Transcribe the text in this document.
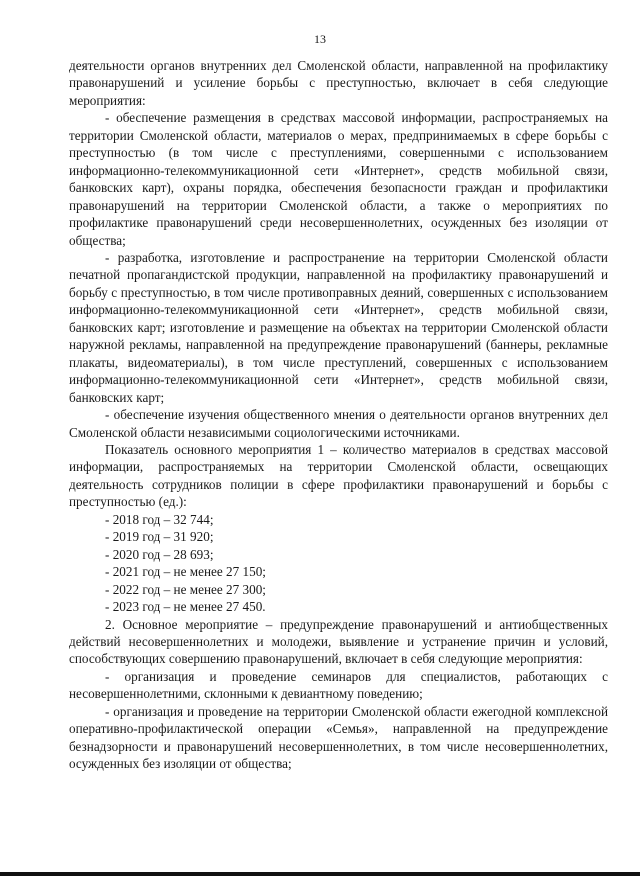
13

деятельности органов внутренних дел Смоленской области, направленной на профилактику правонарушений и усиление борьбы с преступностью, включает в себя следующие мероприятия:

- обеспечение размещения в средствах массовой информации, распространяемых на территории Смоленской области, материалов о мерах, предпринимаемых в сфере борьбы с преступностью (в том числе с преступлениями, совершенными с использованием информационно-телекоммуникационной сети «Интернет», средств мобильной связи, банковских карт), охраны порядка, обеспечения безопасности граждан и профилактики правонарушений на территории Смоленской области, а также о мероприятиях по профилактике правонарушений среди несовершеннолетних, осужденных без изоляции от общества;

- разработка, изготовление и распространение на территории Смоленской области печатной пропагандистской продукции, направленной на профилактику правонарушений и борьбу с преступностью, в том числе противоправных деяний, совершенных с использованием информационно-телекоммуникационной сети «Интернет», средств мобильной связи, банковских карт; изготовление и размещение на объектах на территории Смоленской области наружной рекламы, направленной на предупреждение правонарушений (баннеры, рекламные плакаты, видеоматериалы), в том числе преступлений, совершенных с использованием информационно-телекоммуникационной сети «Интернет», средств мобильной связи, банковских карт;

- обеспечение изучения общественного мнения о деятельности органов внутренних дел Смоленской области независимыми социологическими источниками.

Показатель основного мероприятия 1 – количество материалов в средствах массовой информации, распространяемых на территории Смоленской области, освещающих деятельность сотрудников полиции в сфере профилактики правонарушений и борьбы с преступностью (ед.):

- 2018 год – 32 744;

- 2019 год – 31 920;

- 2020 год – 28 693;

- 2021 год – не менее 27 150;

- 2022 год – не менее 27 300;

- 2023 год – не менее 27 450.

2. Основное мероприятие – предупреждение правонарушений и антиобщественных действий несовершеннолетних и молодежи, выявление и устранение причин и условий, способствующих совершению правонарушений, включает в себя следующие мероприятия:

- организация и проведение семинаров для специалистов, работающих с несовершеннолетними, склонными к девиантному поведению;

- организация и проведение на территории Смоленской области ежегодной комплексной оперативно-профилактической операции «Семья», направленной на предупреждение безнадзорности и правонарушений несовершеннолетних, в том числе несовершеннолетних, осужденных без изоляции от общества;
